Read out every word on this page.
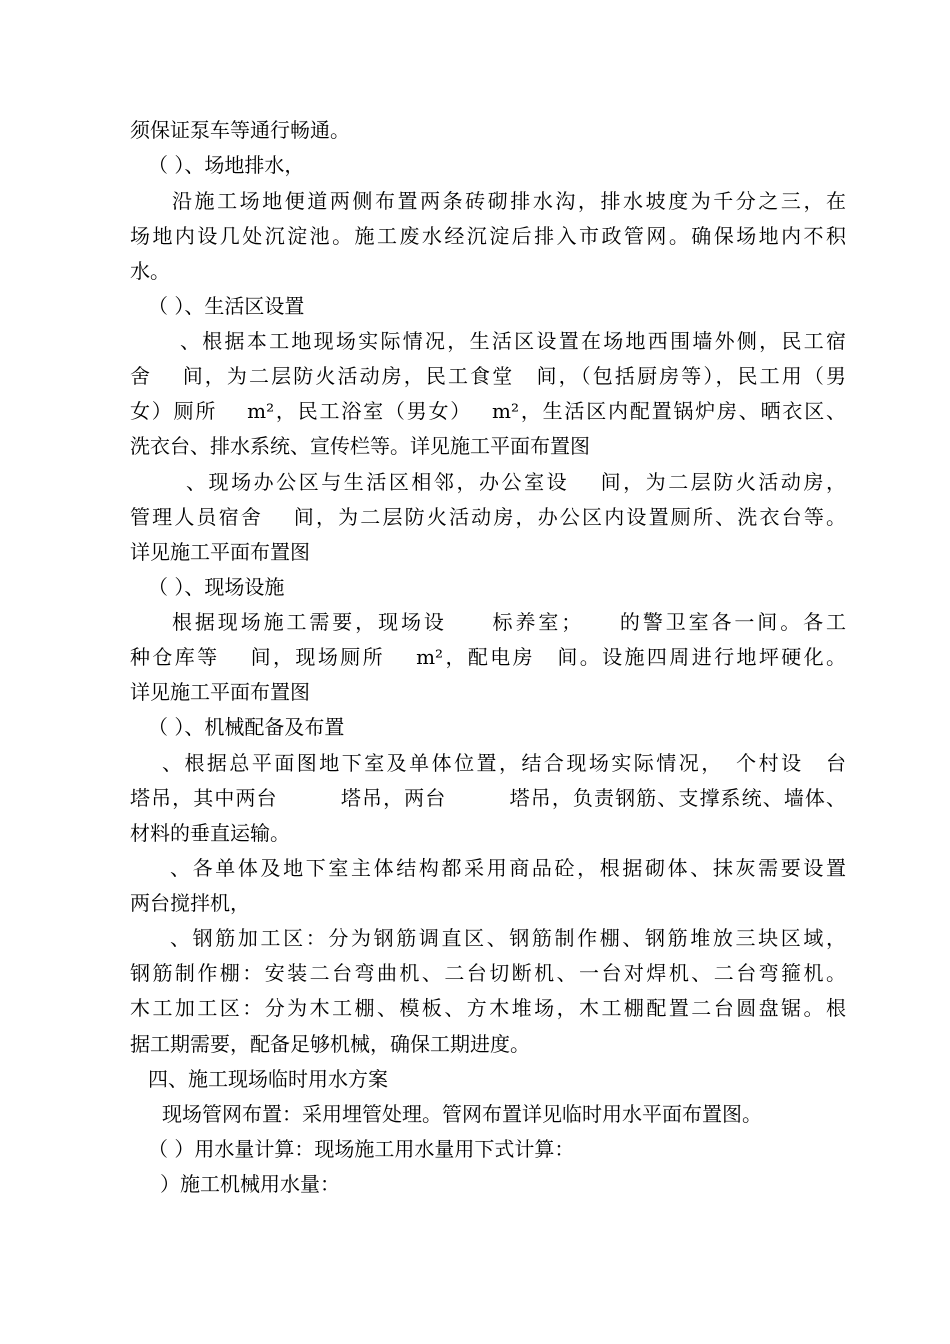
须保证泵车等通行畅通。
（ ）、场地排水，
沿施工场地便道两侧布置两条砖砌排水沟，排水坡度为千分之三，在
场地内设几处沉淀池。施工废水经沉淀后排入市政管网。确保场地内不积
水。
（ ）、生活区设置
、根据本工地现场实际情况，生活区设置在场地西围墙外侧，民工宿
舍　 间，为二层防火活动房，民工食堂　间，（包括厨房等），民工用（男
女）厕所　 m²，民工浴室（男女）　 m²，生活区内配置锅炉房、晒衣区、
洗衣台、排水系统、宣传栏等。详见施工平面布置图
、现场办公区与生活区相邻，办公室设　 间，为二层防火活动房，
管理人员宿舍　 间，为二层防火活动房，办公区内设置厕所、洗衣台等。
详见施工平面布置图
（ ）、现场设施
根据现场施工需要，现场设　　标养室；　　的警卫室各一间。各工
种仓库等　 间，现场厕所　 m²，配电房　间。设施四周进行地坪硬化。
详见施工平面布置图
（ ）、机械配备及布置
、根据总平面图地下室及单体位置，结合现场实际情况，　个村设　台
塔吊，其中两台　　　塔吊，两台　　　塔吊，负责钢筋、支撑系统、墙体、
材料的垂直运输。
、各单体及地下室主体结构都采用商品砼，根据砌体、抹灰需要设置
两台搅拌机，
、钢筋加工区：分为钢筋调直区、钢筋制作棚、钢筋堆放三块区域，
钢筋制作棚：安装二台弯曲机、二台切断机、一台对焊机、二台弯箍机。
木工加工区：分为木工棚、模板、方木堆场，木工棚配置二台圆盘锯。根
据工期需要，配备足够机械，确保工期进度。
四、施工现场临时用水方案
现场管网布置：采用埋管处理。管网布置详见临时用水平面布置图。
（ ）用水量计算：现场施工用水量用下式计算：
）施工机械用水量：
